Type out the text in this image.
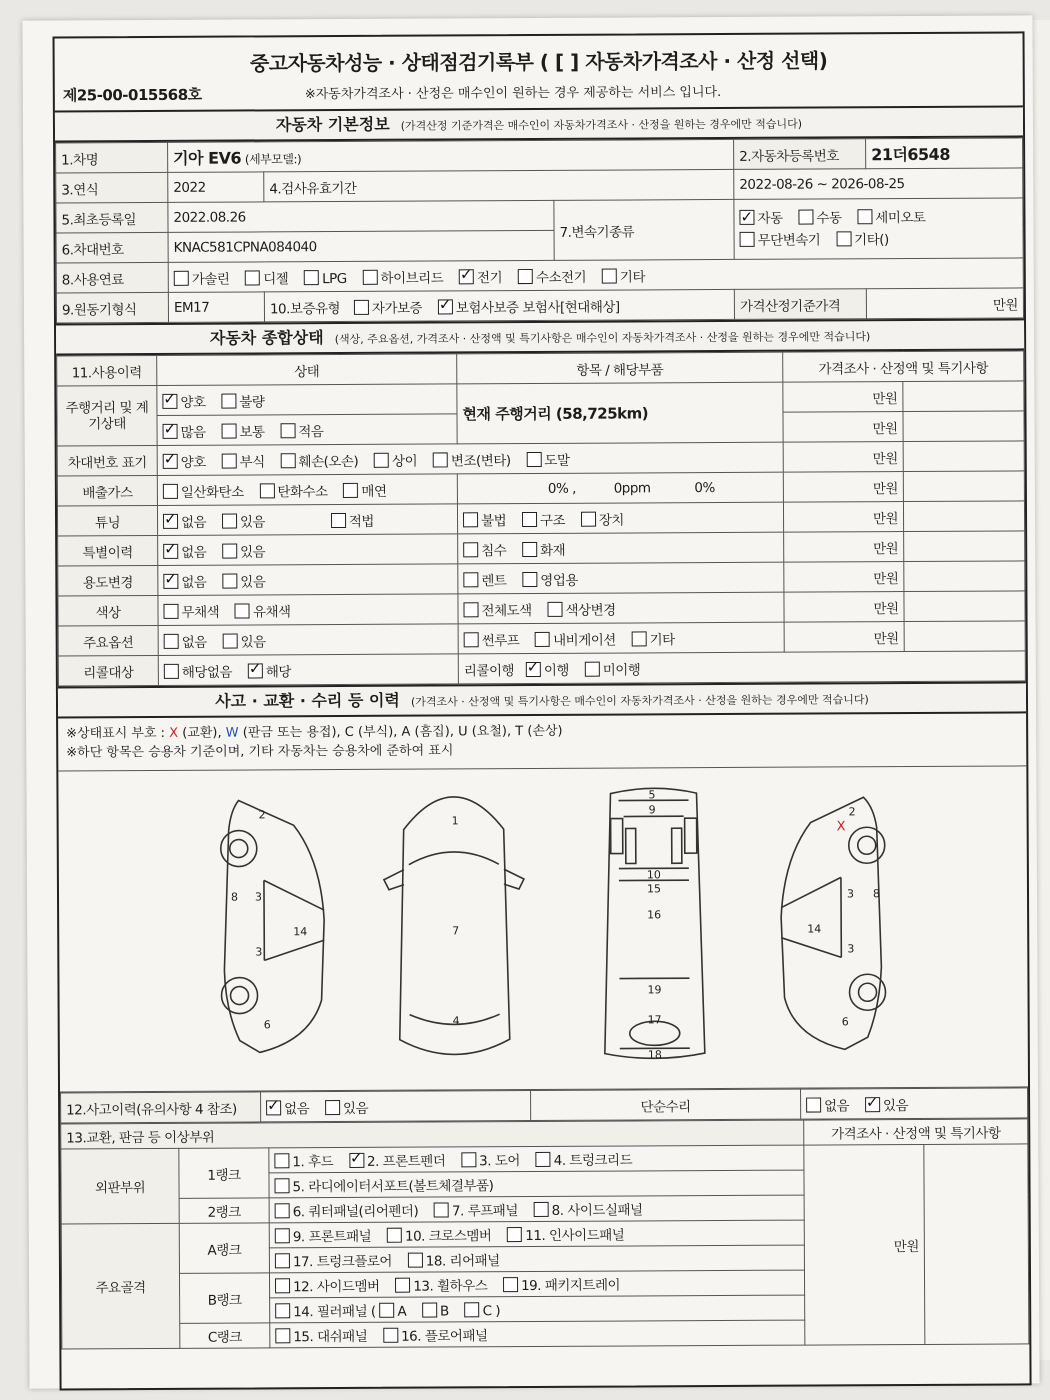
중고자동차성능 · 상태점검기록부 ( [ ] 자동차가격조사 · 산정 선택)
제25-00-015568호	※자동차가격조사 · 산정은 매수인이 원하는 경우 제공하는 서비스 입니다.
자동차 기본정보 (가격산정 기준가격은 매수인이 자동차가격조사 · 산정을 원하는 경우에만 적습니다)
1.차명	기아 EV6 (세부모델:)			2.자동차등록번호	21더6548
3.연식	2022	4.검사유효기간		2022-08-26 ~ 2026-08-25	
5.최초등록일	2022.08.26		7.변속기종류	✓자동 수동 세미오토
무단변속기 기타()
6.차대번호	KNAC581CPNA084040				
8.사용연료	가솔린 디젤 LPG 하이브리드 ✓ 전기 수소전기 기타
9.원동기형식	EM17	10.보증유형 자가보증 ✓ 보험사보증 보험사[현대해상]		가격산정기준가격	만원
자동차 종합상태 (색상, 주요옵션, 가격조사 · 산정액 및 특기사항은 매수인이 자동차가격조사 · 산정을 원하는 경우에만 적습니다)
11.사용이력	상태	항목 / 해당부품	가격조사 · 산정액 및 특기사항	
주행거리 및 계기상태	✓양호 불량	현재 주행거리 (58,725km)	만원	
✓많음 보통 적음		만원	
차대번호 표기	✓양호 부식 훼손(오손) 상이 변조(변타) 도말		만원	
배출가스	일산화탄소 탄화수소 매연	0% , 0ppm 0%	만원	
튜닝	✓없음 있음 적법	불법 구조 장치	만원	
특별이력	✓없음 있음	침수 화재	만원	
용도변경	✓없음 있음	렌트 영업용	만원	
색상	무채색 유채색	전체도색 색상변경	만원	
주요옵션	없음 있음	썬루프 내비게이션 기타	만원	
리콜대상	해당없음 ✓ 해당	리콜이행 ✓ 이행 미이행
사고 · 교환 · 수리 등 이력 (가격조사 · 산정액 및 특기사항은 매수인이 자동차가격조사 · 산정을 원하는 경우에만 적습니다)
※상태표시 부호 : X (교환), W (판금 또는 용접), C (부식), A (흠집), U (요철), T (손상)
※하단 항목은 승용차 기준이며, 기타 자동차는 승용차에 준하여 표시
2
8 3
3
14
6
1
7
4
5
9
10
15
16
19
17
18
2
8
3
3
14
6
X
12.사고이력(유의사항 4 참조)	✓없음 있음	단순수리	없음 ✓ 있음
13.교환, 판금 등 이상부위			가격조사 · 산정액 및 특기사항	
외판부위	1랭크	1. 후드 ✓ 2. 프론트펜더 3. 도어 4. 트렁크리드	만원	
		5. 라디에이터서포트(볼트체결부품)		
	2랭크	6. 쿼터패널(리어펜더) 7. 루프패널 8. 사이드실패널		
주요골격	A랭크	9. 프론트패널 10. 크로스멤버 11. 인사이드패널		
		17. 트렁크플로어 18. 리어패널		
	B랭크	12. 사이드멤버 13. 휠하우스 19. 패키지트레이		
		14. 필러패널 ( A B C )		
	C랭크	15. 대쉬패널 16. 플로어패널		
